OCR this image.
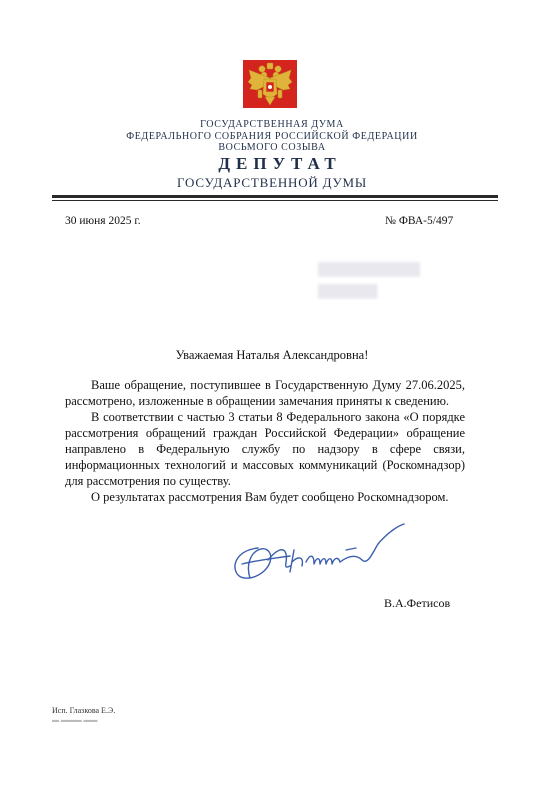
ГОСУДАРСТВЕННАЯ ДУМА
ФЕДЕРАЛЬНОГО СОБРАНИЯ РОССИЙСКОЙ ФЕДЕРАЦИИ
ВОСЬМОГО СОЗЫВА
ДЕПУТАТ
ГОСУДАРСТВЕННОЙ ДУМЫ
30 июня 2025 г.	№ ФВА-5/497
████████████
███████
Уважаемая Наталья Александровна!

Ваше обращение, поступившее в Государственную Думу 27.06.2025, рассмотрено, изложенные в обращении замечания приняты к сведению.

В соответствии с частью 3 статьи 8 Федерального закона «О порядке рассмотрения обращений граждан Российской Федерации» обращение направлено в Федеральную службу по надзору в сфере связи, информационных технологий и массовых коммуникаций (Роскомнадзор) для рассмотрения по существу.

О результатах рассмотрения Вам будет сообщено Роскомнадзором.

В.А.Фетисов
Исп. Глазкова Е.Э.
▬ ▬▬▬ ▬▬
